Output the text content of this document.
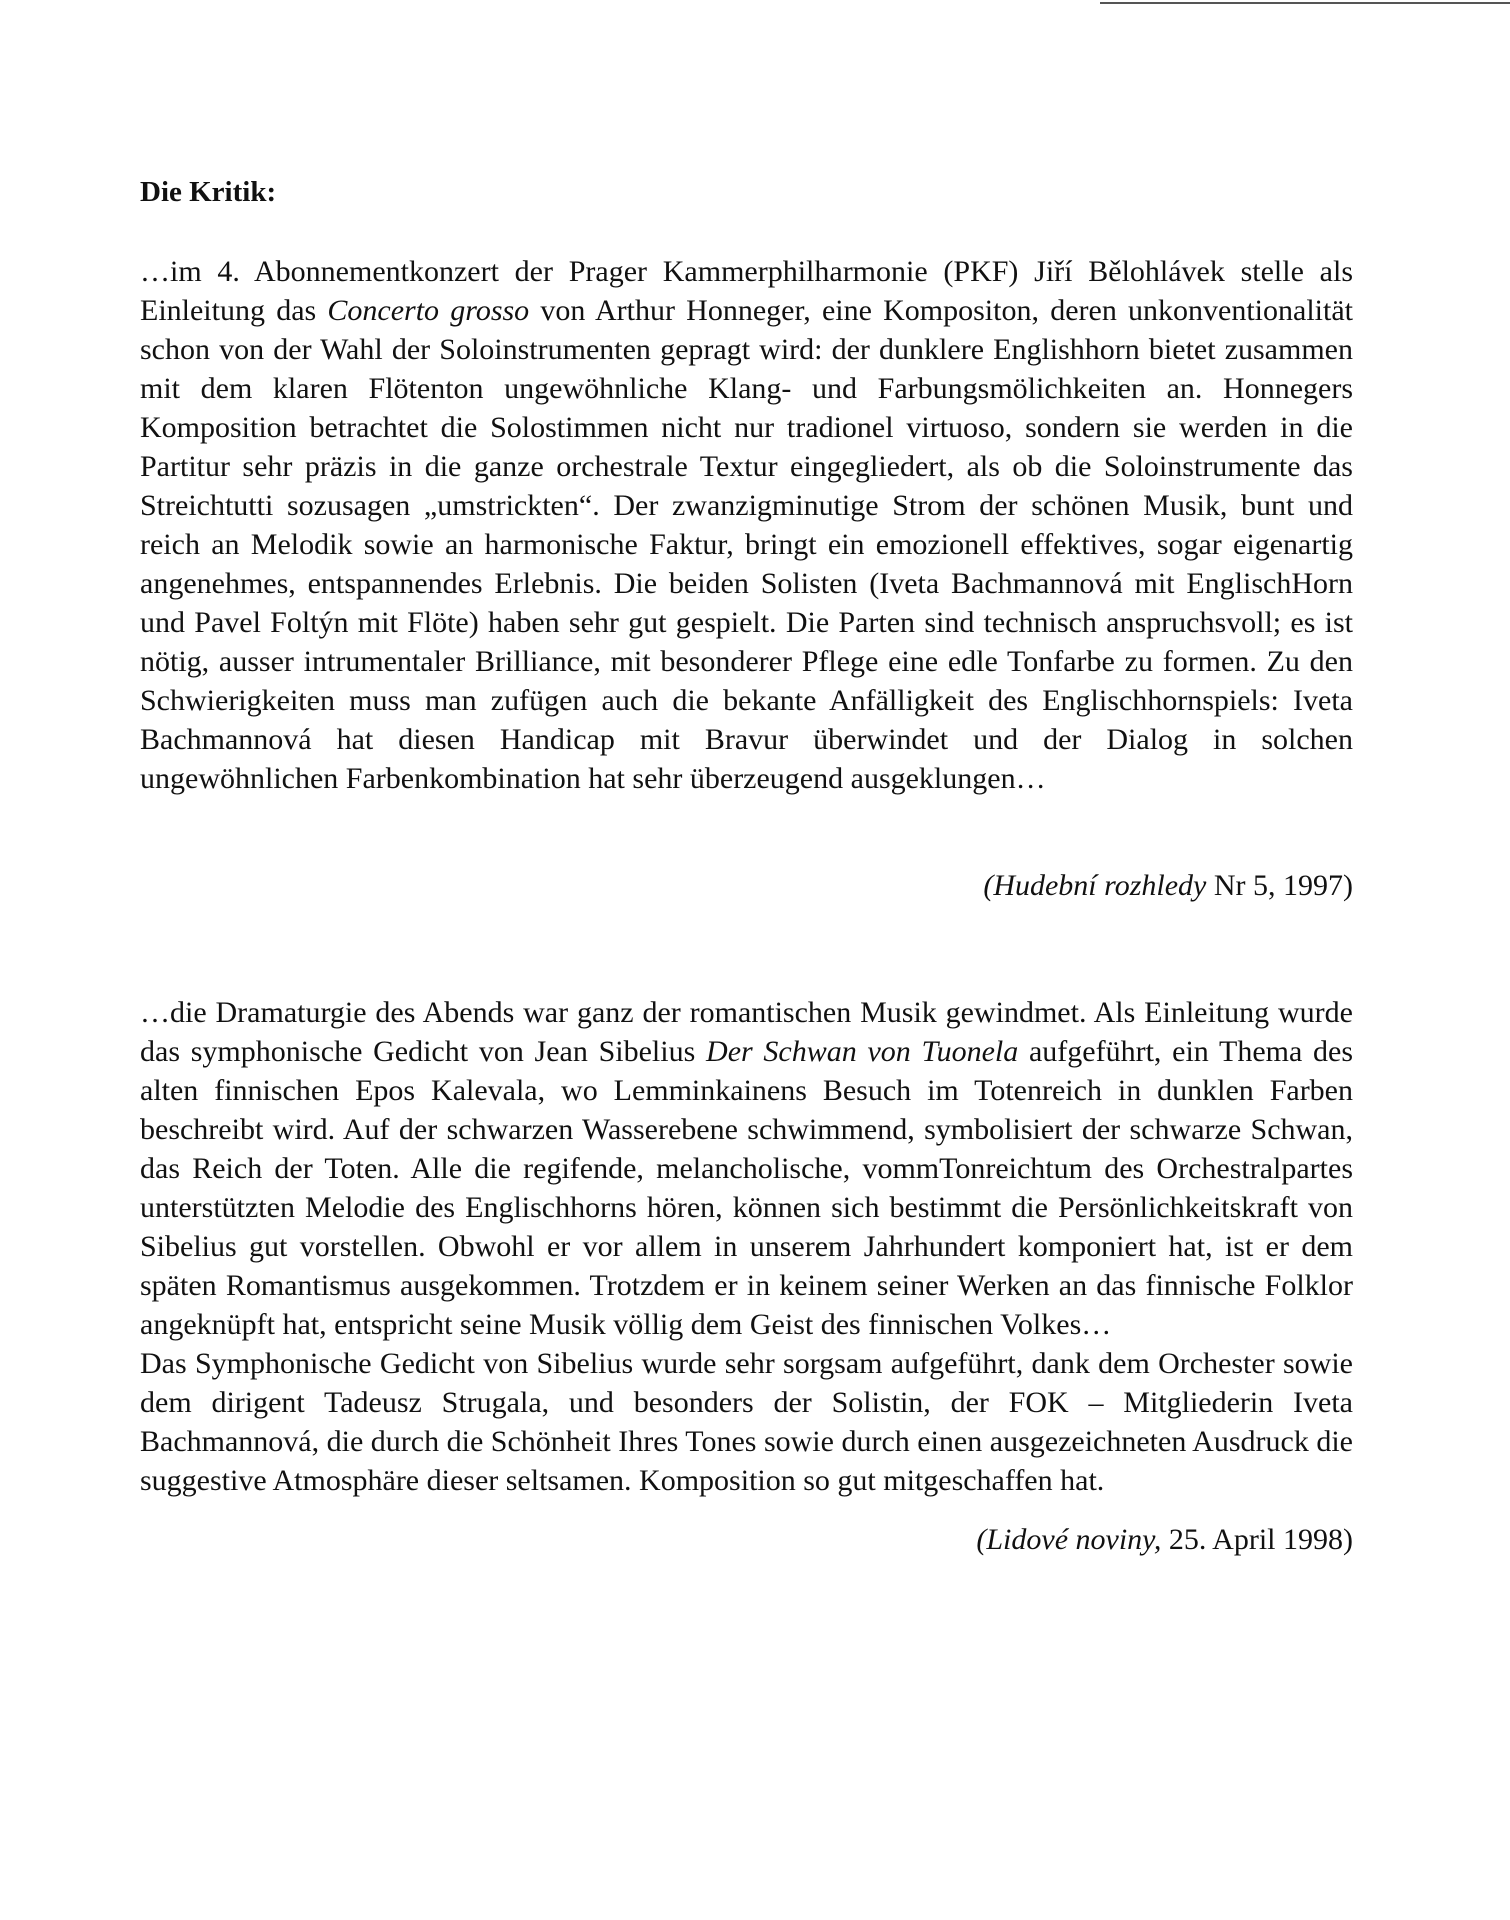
Die Kritik:

…im 4. Abonnementkonzert der Prager Kammerphilharmonie (PKF) Jiří Bělohlávek stelle als Einleitung das Concerto grosso von Arthur Honneger, eine Kompositon, deren unkonventionalität schon von der Wahl der Soloinstrumenten gepragt wird: der dunklere Englishhorn bietet zusammen mit dem klaren Flötenton ungewöhnliche Klang- und Farbungsmölichkeiten an. Honnegers Komposition betrachtet die Solostimmen nicht nur tradionel virtuoso, sondern sie werden in die Partitur sehr präzis in die ganze orchestrale Textur eingegliedert, als ob die Soloinstrumente das Streichtutti sozusagen „umstrickten“. Der zwanzigminutige Strom der schönen Musik, bunt und reich an Melodik sowie an harmonische Faktur, bringt ein emozionell effektives, sogar eigenartig angenehmes, entspannendes Erlebnis. Die beiden Solisten (Iveta Bachmannová mit EnglischHorn und Pavel Foltýn mit Flöte) haben sehr gut gespielt. Die Parten sind technisch anspruchsvoll; es ist nötig, ausser intrumentaler Brilliance, mit besonderer Pflege eine edle Tonfarbe zu formen. Zu den Schwierigkeiten muss man zufügen auch die bekante Anfälligkeit des Englischhornspiels: Iveta Bachmannová hat diesen Handicap mit Bravur überwindet und der Dialog in solchen ungewöhnlichen Farbenkombination hat sehr überzeugend ausgeklungen…

(Hudební rozhledy Nr 5, 1997)

…die Dramaturgie des Abends war ganz der romantischen Musik gewindmet. Als Einleitung wurde das symphonische Gedicht von Jean Sibelius Der Schwan von Tuonela aufgeführt, ein Thema des alten finnischen Epos Kalevala, wo Lemminkainens Besuch im Totenreich in dunklen Farben beschreibt wird. Auf der schwarzen Wasserebene schwimmend, symbolisiert der schwarze Schwan, das Reich der Toten. Alle die regifende, melancholische, vommTonreichtum des Orchestralpartes unterstützten Melodie des Englischhorns hören, können sich bestimmt die Persönlichkeitskraft von Sibelius gut vorstellen. Obwohl er vor allem in unserem Jahrhundert komponiert hat, ist er dem späten Romantismus ausgekommen. Trotzdem er in keinem seiner Werken an das finnische Folklor angeknüpft hat, entspricht seine Musik völlig dem Geist des finnischen Volkes…

Das Symphonische Gedicht von Sibelius wurde sehr sorgsam aufgeführt, dank dem Orchester sowie dem dirigent Tadeusz Strugala, und besonders der Solistin, der FOK – Mitgliederin Iveta Bachmannová, die durch die Schönheit Ihres Tones sowie durch einen ausgezeichneten Ausdruck die suggestive Atmosphäre dieser seltsamen. Komposition so gut mitgeschaffen hat.

(Lidové noviny, 25. April 1998)
